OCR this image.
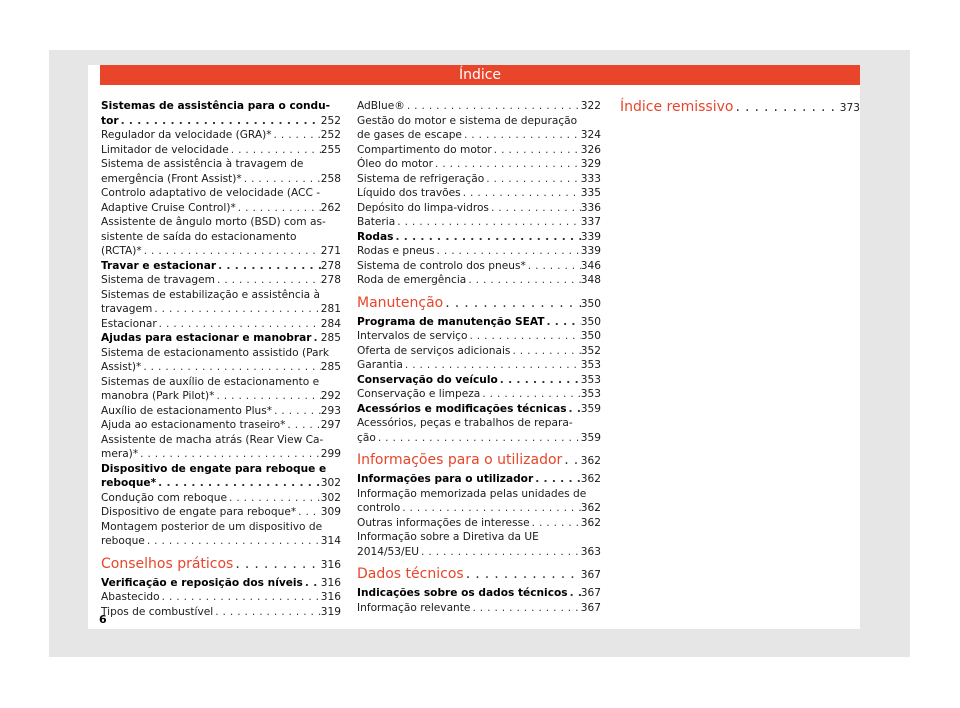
Índice
Sistemas de assistência para o condu-
tor . . .	252
Regulador da velocidade (GRA)* . . .	252
Limitador de velocidade . . .	255
Sistema de assistência à travagem de
emergência (Front Assist)* . . .	258
Controlo adaptativo de velocidade (ACC -
Adaptive Cruise Control)* . . .	262
Assistente de ângulo morto (BSD) com as-
sistente de saída do estacionamento
(RCTA)* . . .	271
Travar e estacionar . . .	278
Sistema de travagem . . .	278
Sistemas de estabilização e assistência à
travagem . . .	281
Estacionar . . .	284
Ajudas para estacionar e manobrar . . . 285
Sistema de estacionamento assistido (Park
Assist)* . . .	285
Sistemas de auxílio de estacionamento e
manobra (Park Pilot)* . . .	292
Auxílio de estacionamento Plus* . . .	293
Ajuda ao estacionamento traseiro* . . .	297
Assistente de macha atrás (Rear View Ca-
mera)* . . .	299
Dispositivo de engate para reboque e
reboque* . . .	302
Condução com reboque . . .	302
Dispositivo de engate para reboque* . . . 309
Montagem posterior de um dispositivo de
reboque . . .	314
Conselhos práticos . . .	316
Verificação e reposição dos níveis . . . 316
Abastecido . . .	316
Tipos de combustível . . .	319
AdBlue® . . .	322
Gestão do motor e sistema de depuração
de gases de escape . . .	324
Compartimento do motor . . .	326
Óleo do motor . . .	329
Sistema de refrigeração . . .	333
Líquido dos travões . . .	335
Depósito do limpa-vidros . . .	336
Bateria . . .	337
Rodas . . .	339
Rodas e pneus . . .	339
Sistema de controlo dos pneus* . . .	346
Roda de emergência . . .	348
Manutenção . . .	350
Programa de manutenção SEAT . . .	350
Intervalos de serviço . . .	350
Oferta de serviços adicionais . . .	352
Garantia . . .	353
Conservação do veículo . . .	353
Conservação e limpeza . . .	353
Acessórios e modificações técnicas . . . 359
Acessórios, peças e trabalhos de repara-
ção . . .	359
Informações para o utilizador . . . 362
Informações para o utilizador . . .	362
Informação memorizada pelas unidades de
controlo . . .	362
Outras informações de interesse . . .	362
Informação sobre a Diretiva da UE
2014/53/EU . . .	363
Dados técnicos . . .	367
Indicações sobre os dados técnicos . . . 367
Informação relevante . . .	367
Índice remissivo . . .	373
6
